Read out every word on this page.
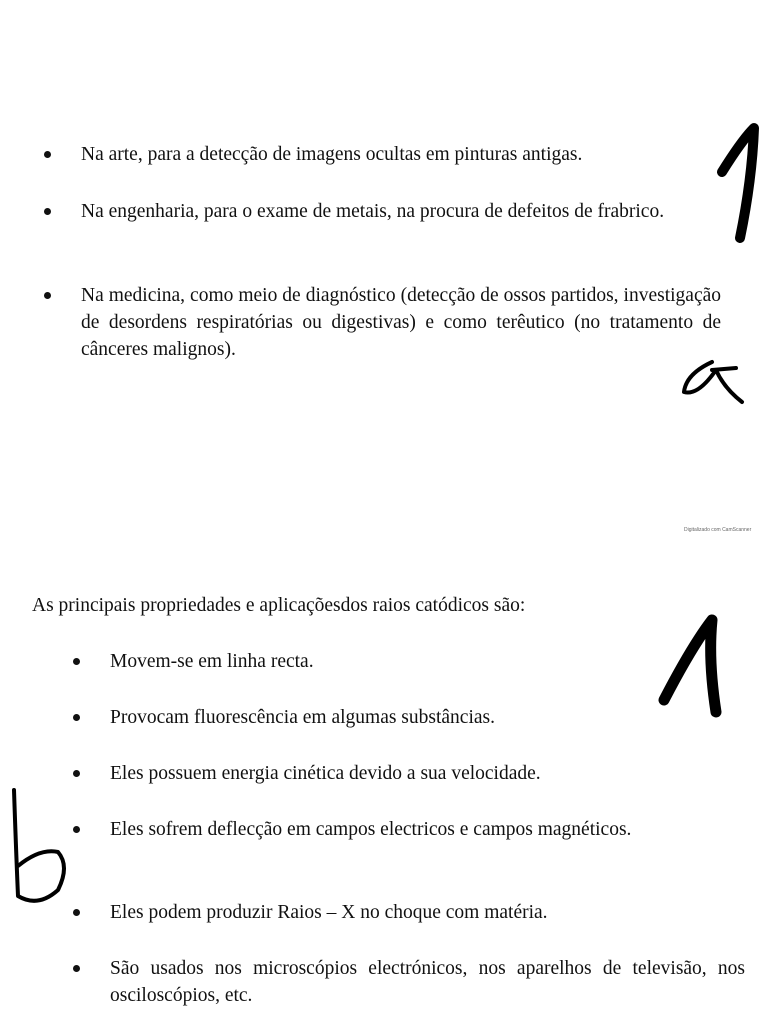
Na arte, para a detecção de imagens ocultas em pinturas antigas.
Na engenharia, para o exame de metais, na procura de defeitos de frabrico.
Na medicina, como meio de diagnóstico (detecção de ossos partidos, investigação de desordens respiratórias ou digestivas) e como terêutico (no tratamento de cânceres malignos).
Digitalizado com CamScanner
As principais propriedades e aplicaçõesdos raios catódicos são:
Movem-se em linha recta.
Provocam fluorescência em algumas substâncias.
Eles possuem energia cinética devido a sua velocidade.
Eles sofrem deflecção em campos electricos e campos magnéticos.
Eles podem produzir Raios – X no choque com matéria.
São usados nos microscópios electrónicos, nos aparelhos de televisão, nos osciloscópios, etc.
